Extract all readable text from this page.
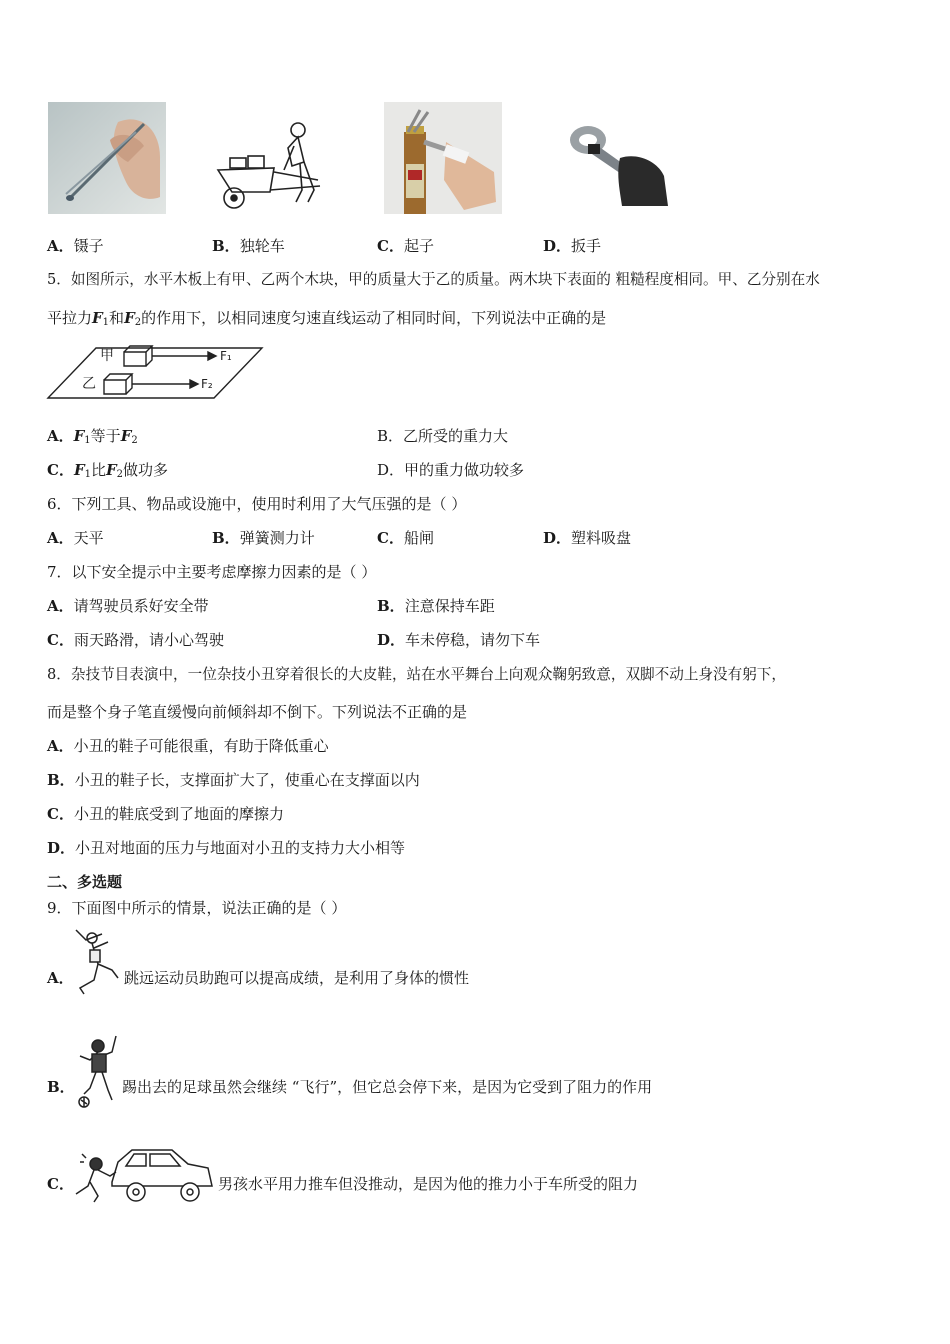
A．镊子	B．独轮车	C．起子	D．扳手
5．如图所示，水平木板上有甲、乙两个木块，甲的质量大于乙的质量。两木块下表面的 粗糙程度相同。甲、乙分别在水
平拉力$F_1$和$F_2$的作用下，以相同速度匀速直线运动了相同时间，下列说法中正确的是
甲
乙
F₁
F₂
A．$F_1$等于$F_2$	B．乙所受的重力大
C．$F_1$比$F_2$做功多	D．甲的重力做功较多
6．下列工具、物品或设施中，使用时利用了大气压强的是（ ）
A．天平	B．弹簧测力计	C．船闸	D．塑料吸盘
7．以下安全提示中主要考虑摩擦力因素的是（ ）
A．请驾驶员系好安全带	B．注意保持车距
C．雨天路滑，请小心驾驶	D．车未停稳，请勿下车
8．杂技节目表演中，一位杂技小丑穿着很长的大皮鞋，站在水平舞台上向观众鞠躬致意，双脚不动上身没有躬下，
而是整个身子笔直缓慢向前倾斜却不倒下。下列说法不正确的是
A．小丑的鞋子可能很重，有助于降低重心
B．小丑的鞋子长，支撑面扩大了，使重心在支撑面以内
C．小丑的鞋底受到了地面的摩擦力
D．小丑对地面的压力与地面对小丑的支持力大小相等
二、多选题
9．下面图中所示的情景，说法正确的是（ ）
A．	跳远运动员助跑可以提高成绩，是利用了身体的惯性
B．	踢出去的足球虽然会继续 “飞行”，但它总会停下来，是因为它受到了阻力的作用
C．	男孩水平用力推车但没推动，是因为他的推力小于车所受的阻力
